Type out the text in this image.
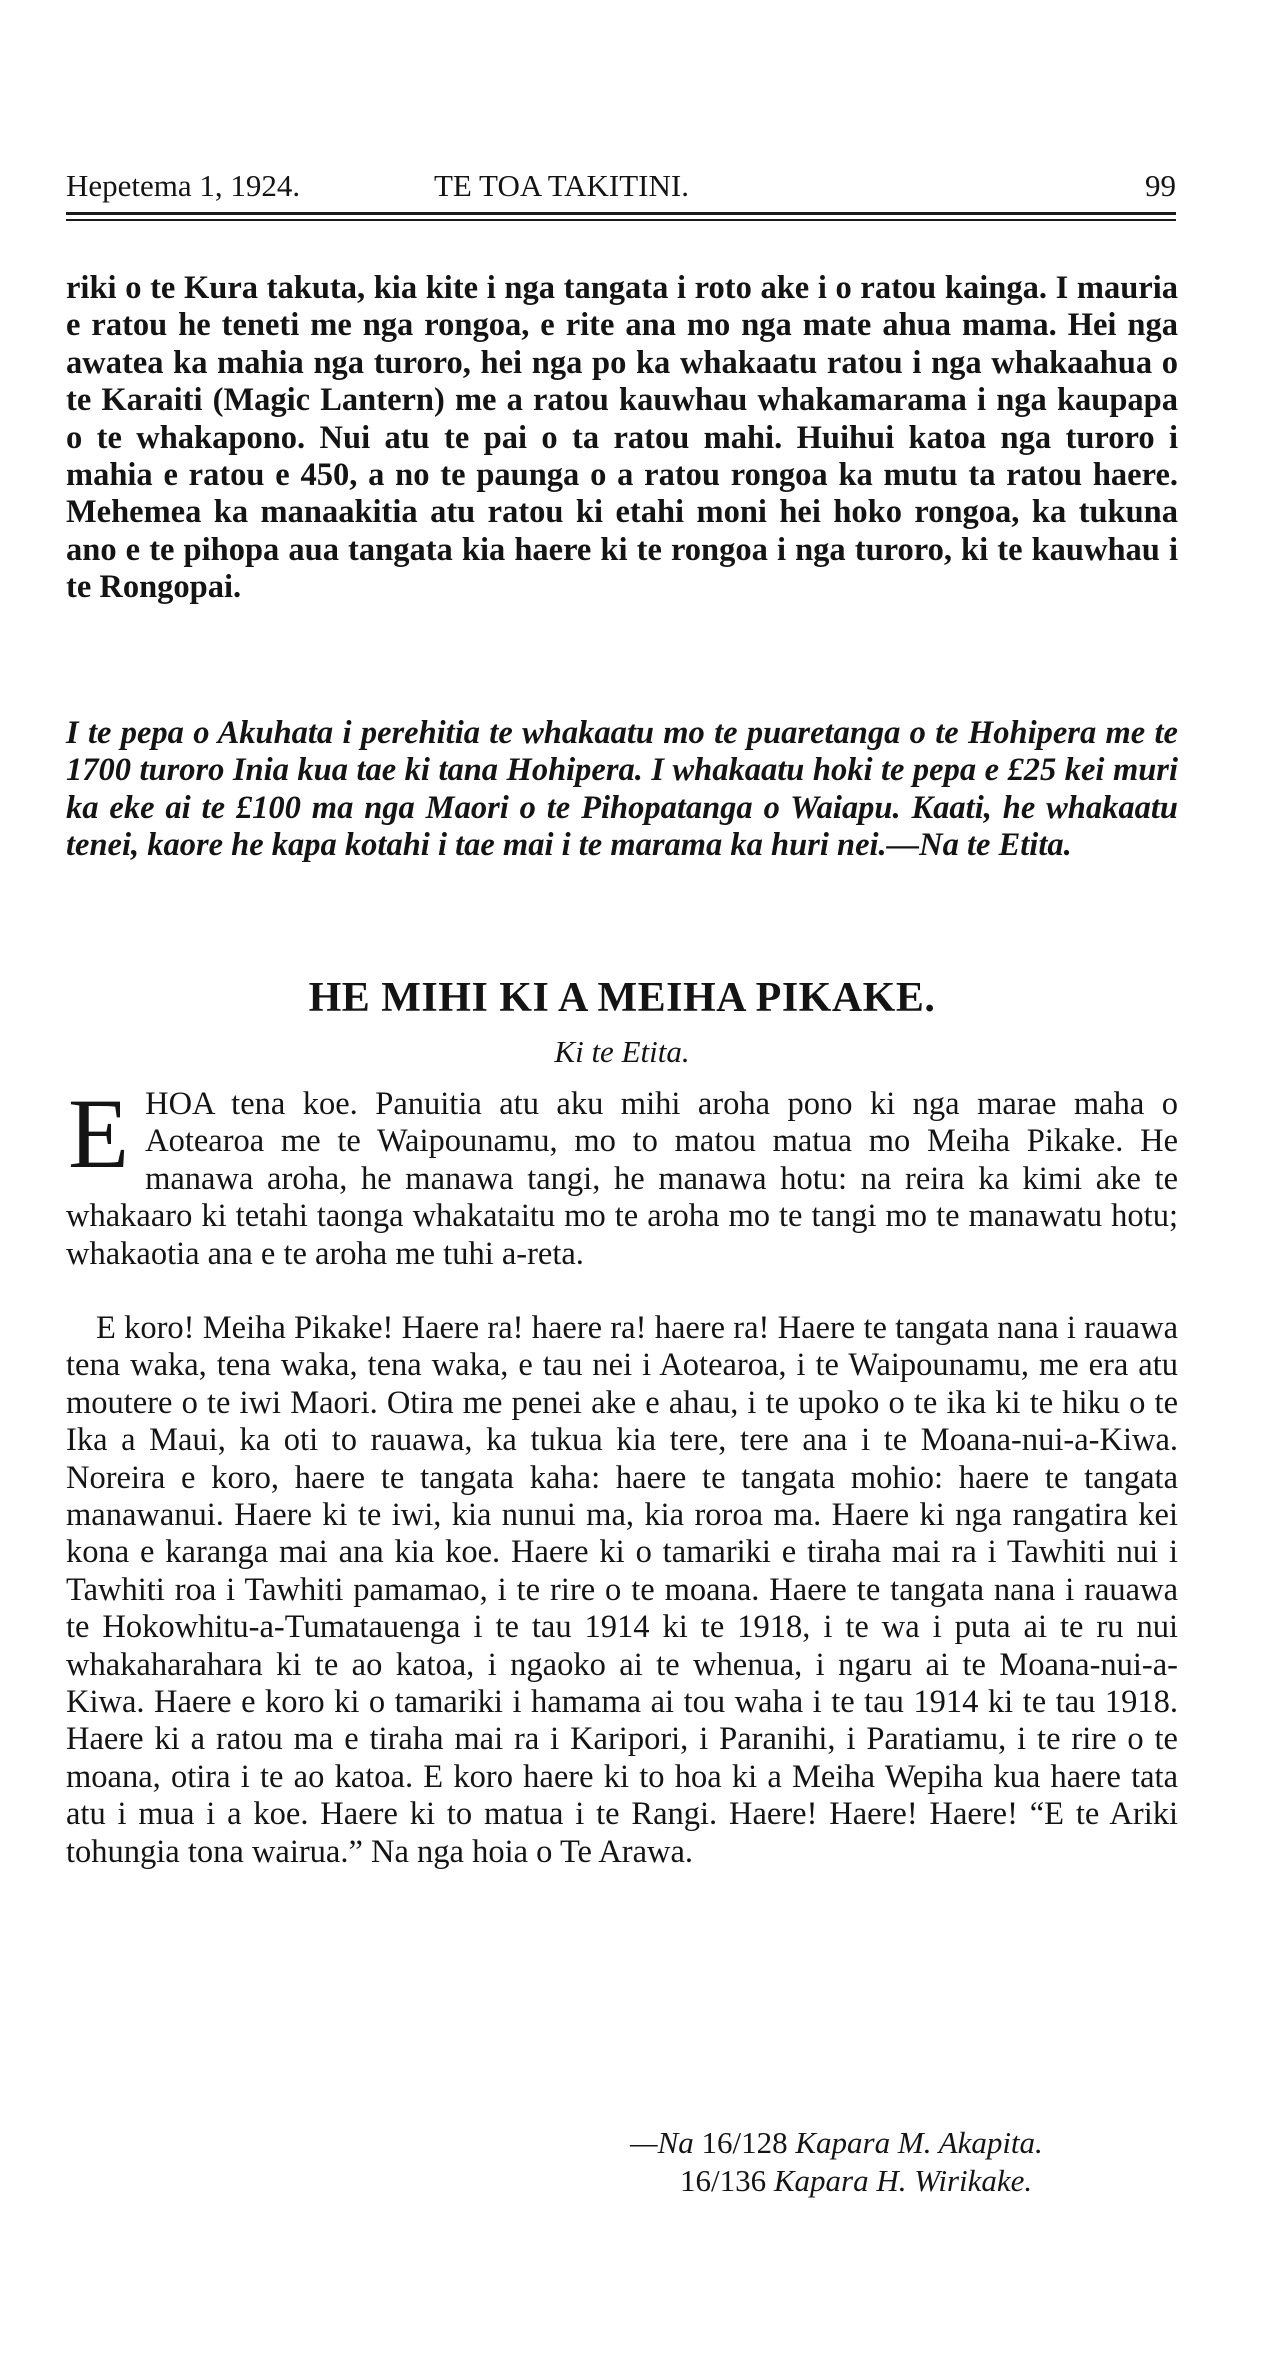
Hepetema 1, 1924.	TE TOA TAKITINI.	99

riki o te Kura takuta, kia kite i nga tangata i roto ake i o ratou kainga. I mauria e ratou he teneti me nga rongoa, e rite ana mo nga mate ahua mama. Hei nga awatea ka mahia nga turoro, hei nga po ka whakaatu ratou i nga whakaahua o te Karaiti (Magic Lantern) me a ratou kauwhau whakamarama i nga kaupapa o te whakapono. Nui atu te pai o ta ratou mahi. Huihui katoa nga turoro i mahia e ratou e 450, a no te paunga o a ratou rongoa ka mutu ta ratou haere. Mehemea ka manaakitia atu ratou ki etahi moni hei hoko rongoa, ka tukuna ano e te pihopa aua tangata kia haere ki te rongoa i nga turoro, ki te kauwhau i te Rongopai.

I te pepa o Akuhata i perehitia te whakaatu mo te puaretanga o te Hohipera me te 1700 turoro Inia kua tae ki tana Hohipera. I whakaatu hoki te pepa e £25 kei muri ka eke ai te £100 ma nga Maori o te Pihopatanga o Waiapu. Kaati, he whakaatu tenei, kaore he kapa kotahi i tae mai i te marama ka huri nei.—Na te Etita.

HE MIHI KI A MEIHA PIKAKE.

Ki te Etita.

EHOA tena koe. Panuitia atu aku mihi aroha pono ki nga marae maha o Aotearoa me te Waipounamu, mo to matou matua mo Meiha Pikake. He manawa aroha, he manawa tangi, he manawa hotu: na reira ka kimi ake te whakaaro ki tetahi taonga whakataitu mo te aroha mo te tangi mo te manawatu hotu; whakaotia ana e te aroha me tuhi a-reta.

E koro! Meiha Pikake! Haere ra! haere ra! haere ra! Haere te tangata nana i rauawa tena waka, tena waka, tena waka, e tau nei i Aotearoa, i te Waipounamu, me era atu moutere o te iwi Maori. Otira me penei ake e ahau, i te upoko o te ika ki te hiku o te Ika a Maui, ka oti to rauawa, ka tukua kia tere, tere ana i te Moana-nui-a-Kiwa. Noreira e koro, haere te tangata kaha: haere te tangata mohio: haere te tangata manawanui. Haere ki te iwi, kia nunui ma, kia roroa ma. Haere ki nga rangatira kei kona e karanga mai ana kia koe. Haere ki o tamariki e tiraha mai ra i Tawhiti nui i Tawhiti roa i Tawhiti pamamao, i te rire o te moana. Haere te tangata nana i rauawa te Hokowhitu-a-Tumatauenga i te tau 1914 ki te 1918, i te wa i puta ai te ru nui whakaharahara ki te ao katoa, i ngaoko ai te whenua, i ngaru ai te Moana-nui-a-Kiwa. Haere e koro ki o tamariki i hamama ai tou waha i te tau 1914 ki te tau 1918. Haere ki a ratou ma e tiraha mai ra i Karipori, i Paranihi, i Paratiamu, i te rire o te moana, otira i te ao katoa. E koro haere ki to hoa ki a Meiha Wepiha kua haere tata atu i mua i a koe. Haere ki to matua i te Rangi. Haere! Haere! Haere! “E te Ariki tohungia tona wairua.” Na nga hoia o Te Arawa.

—Na 16/128 Kapara M. Akapita.
16/136 Kapara H. Wirikake.
